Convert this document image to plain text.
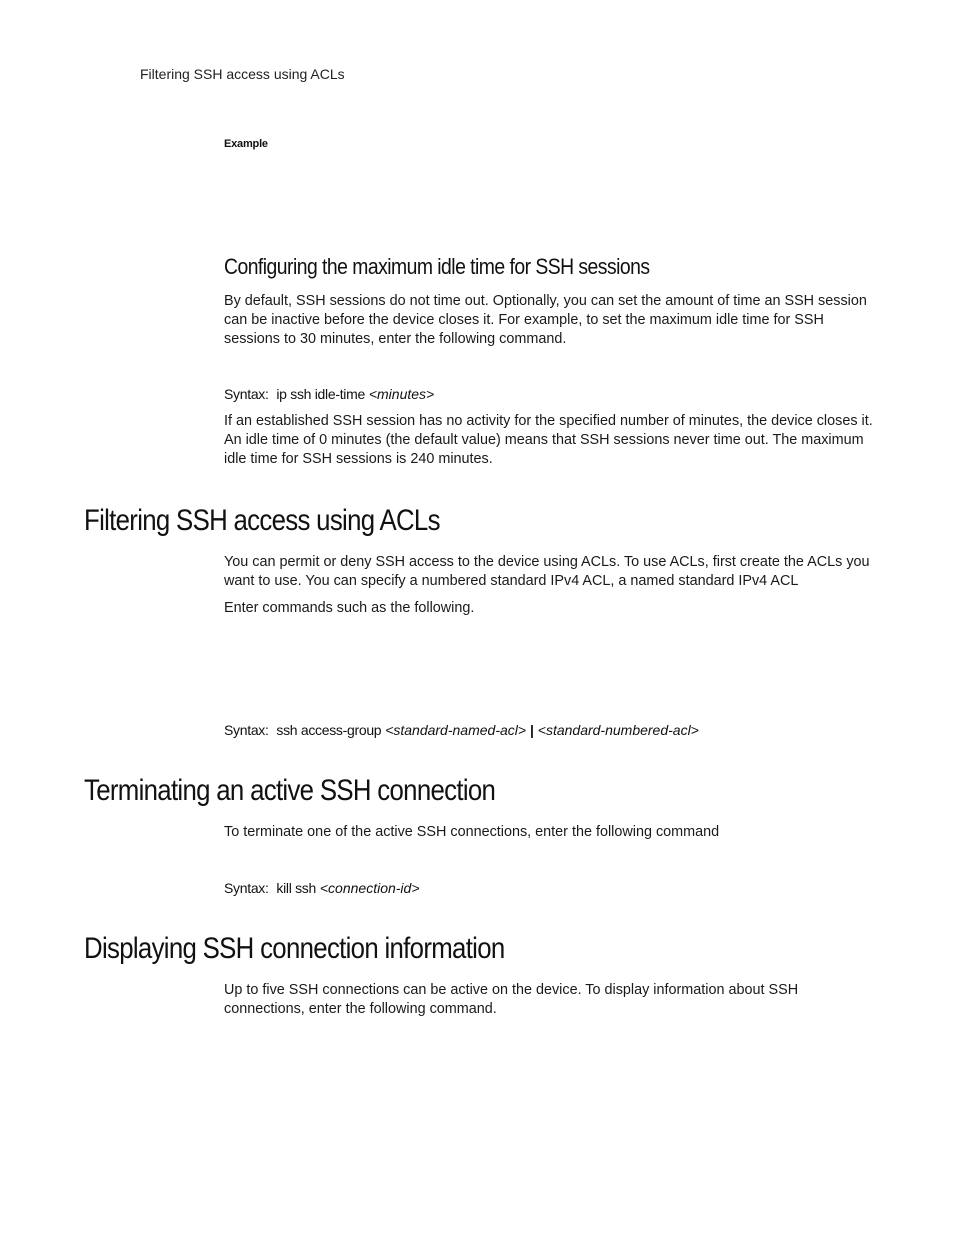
Filtering SSH access using ACLs
Example
Configuring the maximum idle time for SSH sessions
By default, SSH sessions do not time out. Optionally, you can set the amount of time an SSH session can be inactive before the device closes it. For example, to set the maximum idle time for SSH sessions to 30 minutes, enter the following command.
Syntax: ip ssh idle-time <minutes>
If an established SSH session has no activity for the specified number of minutes, the device closes it. An idle time of 0 minutes (the default value) means that SSH sessions never time out. The maximum idle time for SSH sessions is 240 minutes.
Filtering SSH access using ACLs
You can permit or deny SSH access to the device using ACLs. To use ACLs, first create the ACLs you want to use. You can specify a numbered standard IPv4 ACL, a named standard IPv4 ACL
Enter commands such as the following.
Syntax: ssh access-group <standard-named-acl> | <standard-numbered-acl>
Terminating an active SSH connection
To terminate one of the active SSH connections, enter the following command
Syntax: kill ssh <connection-id>
Displaying SSH connection information
Up to five SSH connections can be active on the device. To display information about SSH connections, enter the following command.
